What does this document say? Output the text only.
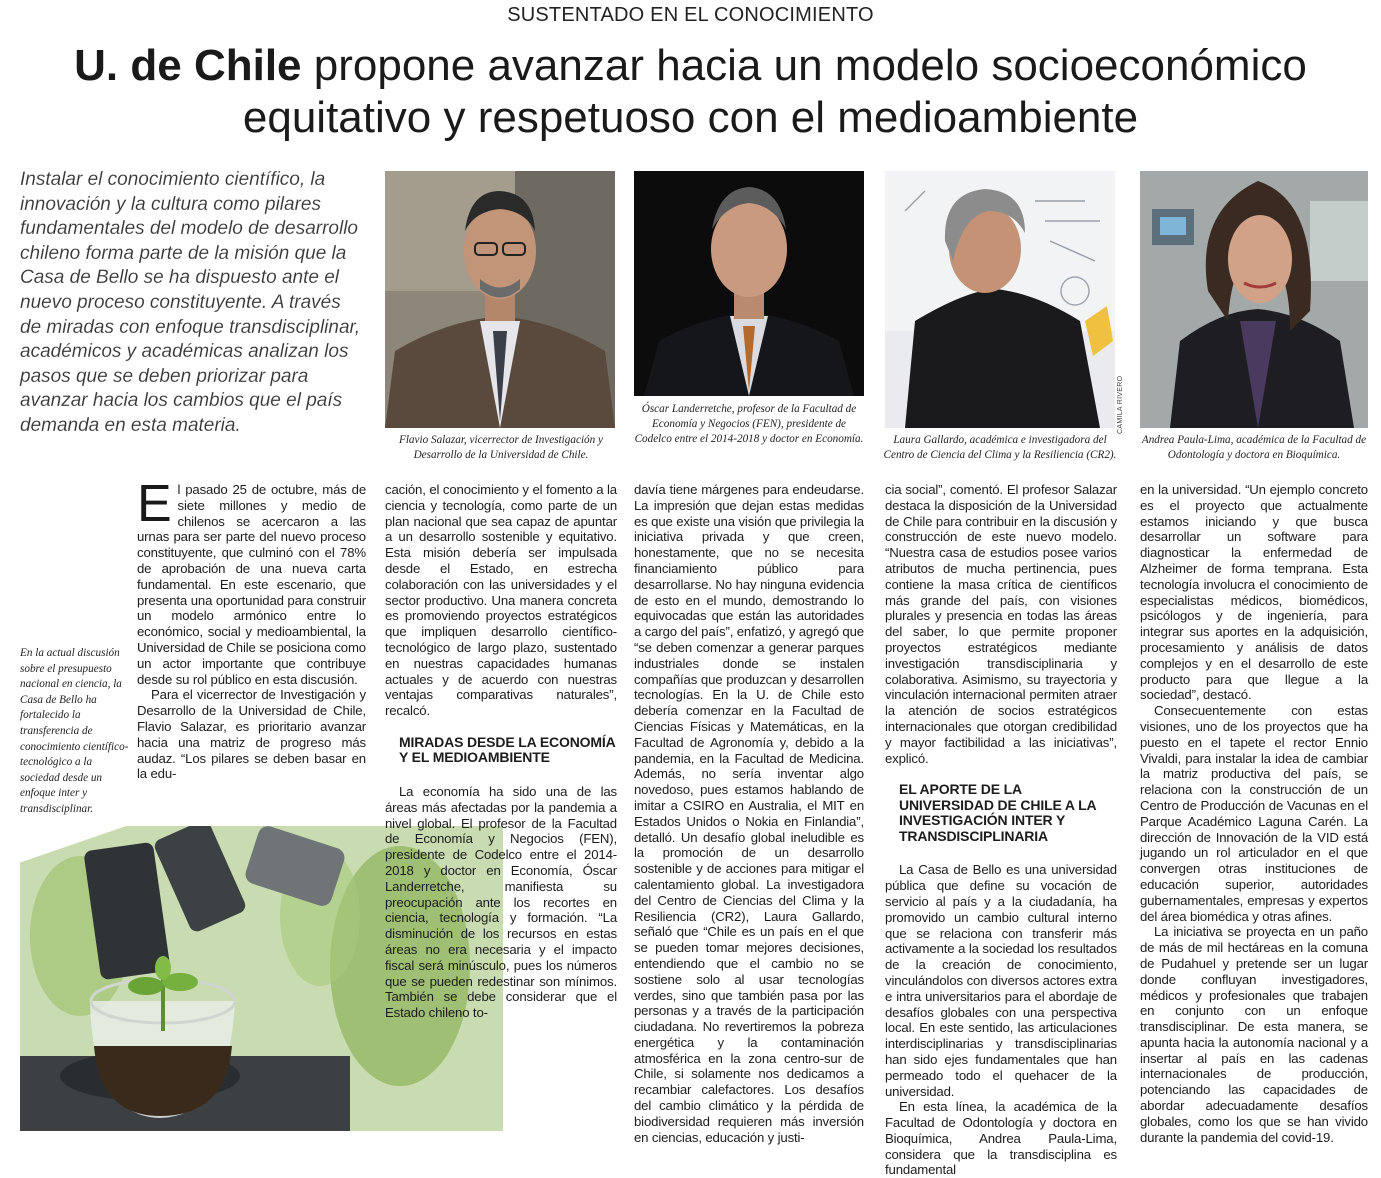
SUSTENTADO EN EL CONOCIMIENTO
U. de Chile propone avanzar hacia un modelo socioeconómico equitativo y respetuoso con el medioambiente
Instalar el conocimiento científico, la innovación y la cultura como pilares fundamentales del modelo de desarrollo chileno forma parte de la misión que la Casa de Bello se ha dispuesto ante el nuevo proceso constituyente. A través de miradas con enfoque transdisciplinar, académicos y académicas analizan los pasos que se deben priorizar para avanzar hacia los cambios que el país demanda en esta materia.
Flavio Salazar, vicerrector de Investigación y Desarrollo de la Universidad de Chile.
Óscar Landerretche, profesor de la Facultad de Economía y Negocios (FEN), presidente de Codelco entre el 2014-2018 y doctor en Economía.
CAMILA RIVERO
Laura Gallardo, académica e investigadora del Centro de Ciencia del Clima y la Resiliencia (CR2).
Andrea Paula-Lima, académica de la Facultad de Odontología y doctora en Bioquímica.
En la actual discusión sobre el presupuesto nacional en ciencia, la Casa de Bello ha fortalecido la transferencia de conocimiento científico-tecnológico a la sociedad desde un enfoque inter y transdisciplinar.

El pasado 25 de octubre, más de siete millones y medio de chilenos se acercaron a las urnas para ser parte del nuevo proceso constituyente, que culminó con el 78% de aprobación de una nueva carta fundamental. En este escenario, que presenta una oportunidad para construir un modelo armónico entre lo económico, social y medioambiental, la Universidad de Chile se posiciona como un actor importante que contribuye desde su rol público en esta discusión.

Para el vicerrector de Investigación y Desarrollo de la Universidad de Chile, Flavio Salazar, es prioritario avanzar hacia una matriz de progreso más audaz. “Los pilares se deben basar en la edu-

cación, el conocimiento y el fomento a la ciencia y tecnología, como parte de un plan nacional que sea capaz de apuntar a un desarrollo sostenible y equitativo. Esta misión debería ser impulsada desde el Estado, en estrecha colaboración con las universidades y el sector productivo. Una manera concreta es promoviendo proyectos estratégicos que impliquen desarrollo científico-tecnológico de largo plazo, sustentado en nuestras capacidades humanas actuales y de acuerdo con nuestras ventajas comparativas naturales”, recalcó.

MIRADAS DESDE LA ECONOMÍA Y EL MEDIOAMBIENTE

La economía ha sido una de las áreas más afectadas por la pandemia a nivel global. El profesor de la Facultad de Economía y Negocios (FEN), presidente de Codelco entre el 2014-2018 y doctor en Economía, Óscar Landerretche, manifiesta su preocupación ante los recortes en ciencia, tecnología y formación. “La disminución de los recursos en estas áreas no era necesaria y el impacto fiscal será minúsculo, pues los números que se pueden redestinar son mínimos. También se debe considerar que el Estado chileno to-

davía tiene márgenes para endeudarse. La impresión que dejan estas medidas es que existe una visión que privilegia la iniciativa privada y que creen, honestamente, que no se necesita financiamiento público para desarrollarse. No hay ninguna evidencia de esto en el mundo, demostrando lo equivocadas que están las autoridades a cargo del país”, enfatizó, y agregó que “se deben comenzar a generar parques industriales donde se instalen compañías que produzcan y desarrollen tecnologías. En la U. de Chile esto debería comenzar en la Facultad de Ciencias Físicas y Matemáticas, en la Facultad de Agronomía y, debido a la pandemia, en la Facultad de Medicina. Además, no sería inventar algo novedoso, pues estamos hablando de imitar a CSIRO en Australia, el MIT en Estados Unidos o Nokia en Finlandia”, detalló. Un desafío global ineludible es la promoción de un desarrollo sostenible y de acciones para mitigar el calentamiento global. La investigadora del Centro de Ciencias del Clima y la Resiliencia (CR2), Laura Gallardo, señaló que “Chile es un país en el que se pueden tomar mejores decisiones, entendiendo que el cambio no se sostiene solo al usar tecnologías verdes, sino que también pasa por las personas y a través de la participación ciudadana. No revertiremos la pobreza energética y la contaminación atmosférica en la zona centro-sur de Chile, si solamente nos dedicamos a recambiar calefactores. Los desafíos del cambio climático y la pérdida de biodiversidad requieren más inversión en ciencias, educación y justi-

cia social”, comentó. El profesor Salazar destaca la disposición de la Universidad de Chile para contribuir en la discusión y construcción de este nuevo modelo. “Nuestra casa de estudios posee varios atributos de mucha pertinencia, pues contiene la masa crítica de científicos más grande del país, con visiones plurales y presencia en todas las áreas del saber, lo que permite proponer proyectos estratégicos mediante investigación transdisciplinaria y colaborativa. Asimismo, su trayectoria y vinculación internacional permiten atraer la atención de socios estratégicos internacionales que otorgan credibilidad y mayor factibilidad a las iniciativas”, explicó.

EL APORTE DE LA UNIVERSIDAD DE CHILE A LA INVESTIGACIÓN INTER Y TRANSDISCIPLINARIA

La Casa de Bello es una universidad pública que define su vocación de servicio al país y a la ciudadanía, ha promovido un cambio cultural interno que se relaciona con transferir más activamente a la sociedad los resultados de la creación de conocimiento, vinculándolos con diversos actores extra e intra universitarios para el abordaje de desafíos globales con una perspectiva local. En este sentido, las articulaciones interdisciplinarias y transdisciplinarias han sido ejes fundamentales que han permeado todo el quehacer de la universidad.

En esta línea, la académica de la Facultad de Odontología y doctora en Bioquímica, Andrea Paula-Lima, considera que la transdisciplina es fundamental

en la universidad. “Un ejemplo concreto es el proyecto que actualmente estamos iniciando y que busca desarrollar un software para diagnosticar la enfermedad de Alzheimer de forma temprana. Esta tecnología involucra el conocimiento de especialistas médicos, biomédicos, psicólogos y de ingeniería, para integrar sus aportes en la adquisición, procesamiento y análisis de datos complejos y en el desarrollo de este producto para que llegue a la sociedad”, destacó.

Consecuentemente con estas visiones, uno de los proyectos que ha puesto en el tapete el rector Ennio Vivaldi, para instalar la idea de cambiar la matriz productiva del país, se relaciona con la construcción de un Centro de Producción de Vacunas en el Parque Académico Laguna Carén. La dirección de Innovación de la VID está jugando un rol articulador en el que convergen otras instituciones de educación superior, autoridades gubernamentales, empresas y expertos del área biomédica y otras afines.

La iniciativa se proyecta en un paño de más de mil hectáreas en la comuna de Pudahuel y pretende ser un lugar donde confluyan investigadores, médicos y profesionales que trabajen en conjunto con un enfoque transdisciplinar. De esta manera, se apunta hacia la autonomía nacional y a insertar al país en las cadenas internacionales de producción, potenciando las capacidades de abordar adecuadamente desafíos globales, como los que se han vivido durante la pandemia del covid-19.
